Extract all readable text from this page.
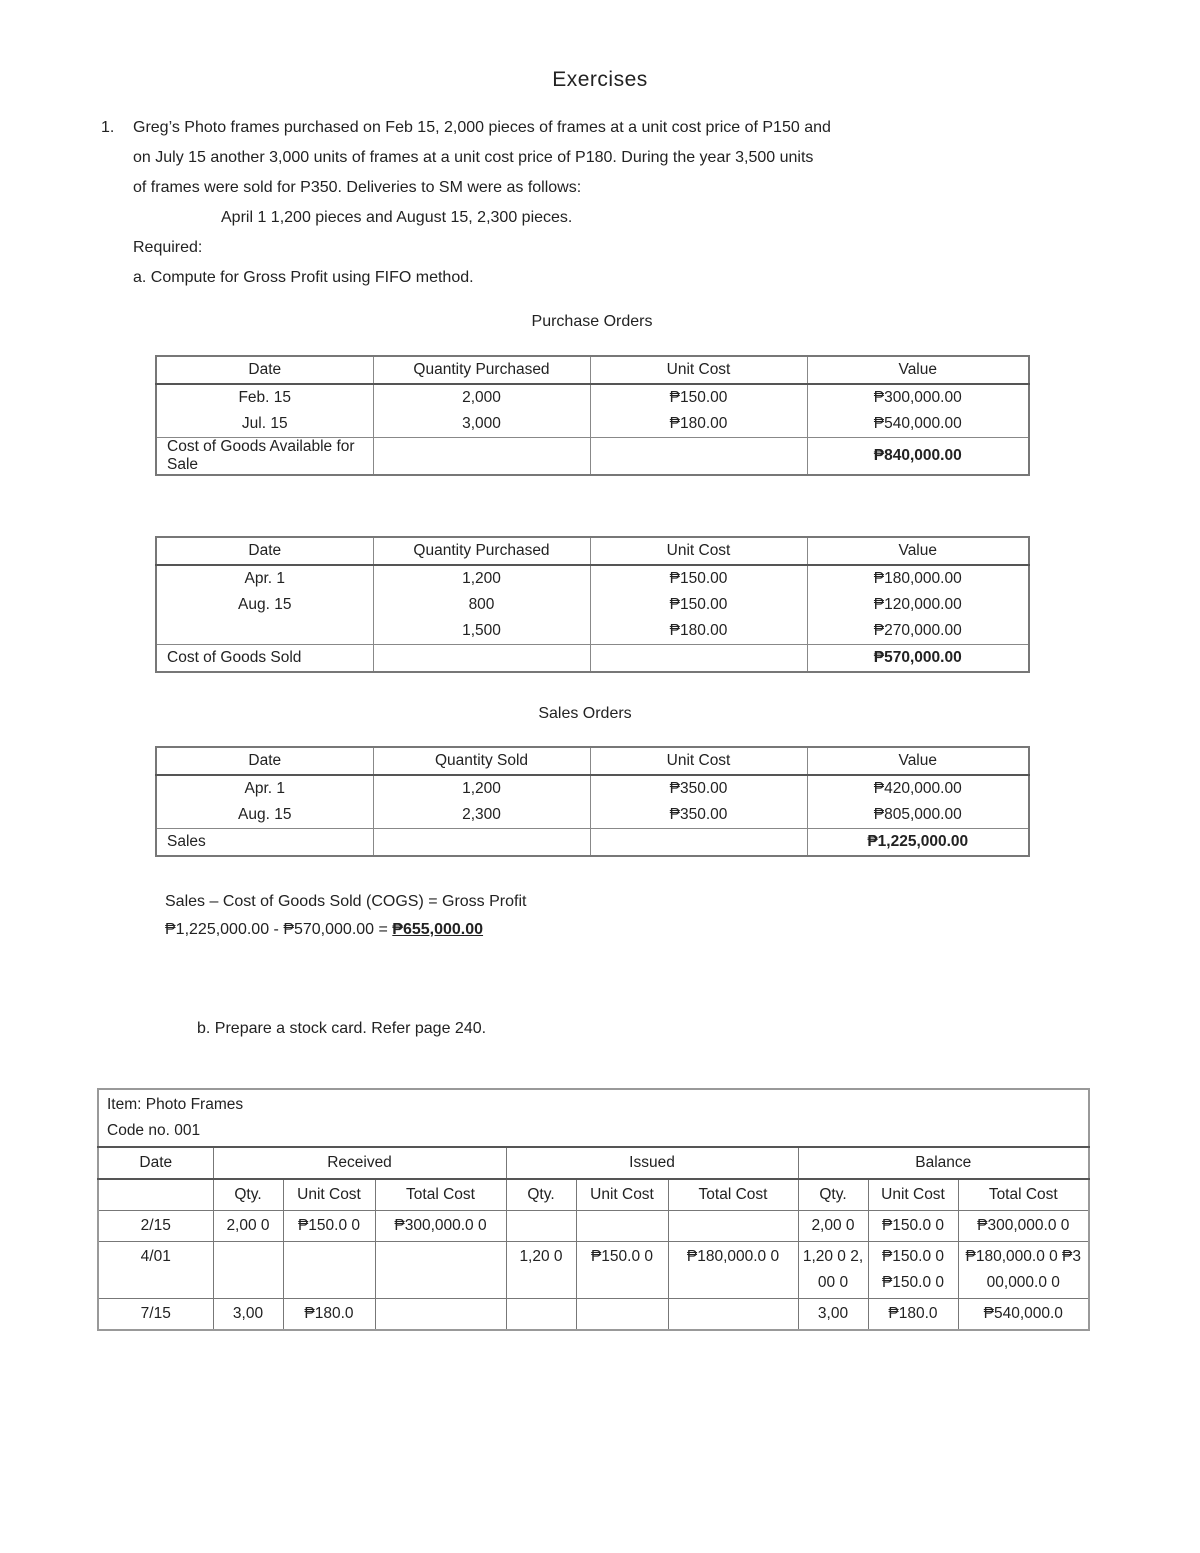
Exercises
1. Greg’s Photo frames purchased on Feb 15, 2,000 pieces of frames at a unit cost price of P150 and
on July 15 another 3,000 units of frames at a unit cost price of P180. During the year 3,500 units
of frames were sold for P350. Deliveries to SM were as follows:
April 1 1,200 pieces and August 15, 2,300 pieces.
Required:
a. Compute for Gross Profit using FIFO method.
Purchase Orders
Sales Orders
Date	Quantity Purchased	Unit Cost	Value
Feb. 15	2,000	₱150.00	₱300,000.00
Jul. 15	3,000	₱180.00	₱540,000.00
Cost of Goods Available for Sale			₱840,000.00
Date	Quantity Purchased	Unit Cost	Value
Apr. 1	1,200	₱150.00	₱180,000.00
Aug. 15	800	₱150.00	₱120,000.00
	1,500	₱180.00	₱270,000.00
Cost of Goods Sold			₱570,000.00
Date	Quantity Sold	Unit Cost	Value
Apr. 1	1,200	₱350.00	₱420,000.00
Aug. 15	2,300	₱350.00	₱805,000.00
Sales			₱1,225,000.00
Sales – Cost of Goods Sold (COGS) = Gross Profit
₱1,225,000.00 - ₱570,000.00 = ₱655,000.00
b. Prepare a stock card. Refer page 240.
Item: Photo Frames
Code no. 001									

Date	Received			Issued			Balance		
	Qty.	Unit Cost	Total Cost	Qty.	Unit Cost	Total Cost	Qty.	Unit Cost	Total Cost
2/15	2,00 0	₱150.0 0	₱300,000.0 0				2,00 0	₱150.0 0	₱300,000.0 0
4/01				1,20 0	₱150.0 0	₱180,000.0 0	1,20 0 2,00 0	₱150.0 0 ₱150.0 0	₱180,000.0 0 ₱300,000.0 0
7/15	3,00	₱180.0					3,00	₱180.0	₱540,000.0
